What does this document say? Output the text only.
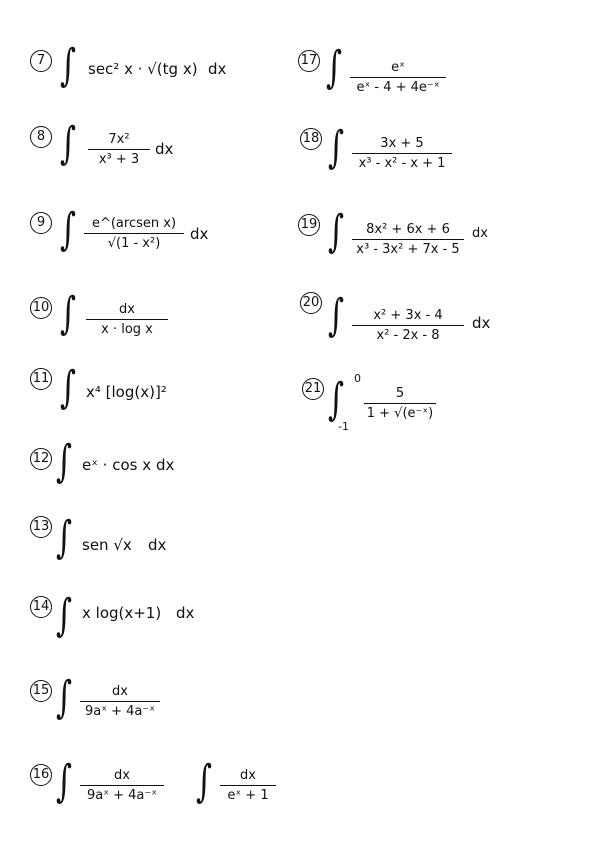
7 ∫ sec² x · √(tg x) dx
8 ∫	7x²
x³ + 3
dx
9 ∫	e^(arcsen x)
√(1 - x²)
dx
10 ∫	dx
x · log x
11 ∫ x⁴ [log(x)]²
12 ∫ eˣ · cos x dx
13 ∫ sen √x dx
14 ∫ x log(x+1) dx
15 ∫	dx
9aˣ + 4a⁻ˣ
16 ∫	dx
9aˣ + 4a⁻ˣ ∫	dx
eˣ + 1
17 ∫	eˣ
eˣ - 4 + 4e⁻ˣ
18 ∫	3x + 5
x³ - x² - x + 1
19 ∫	8x² + 6x + 6
x³ - 3x² + 7x - 5
dx
20 ∫	x² + 3x - 4
x² - 2x - 8
dx
21 ∫ 0
-1
5
1 + √(e⁻ˣ)
